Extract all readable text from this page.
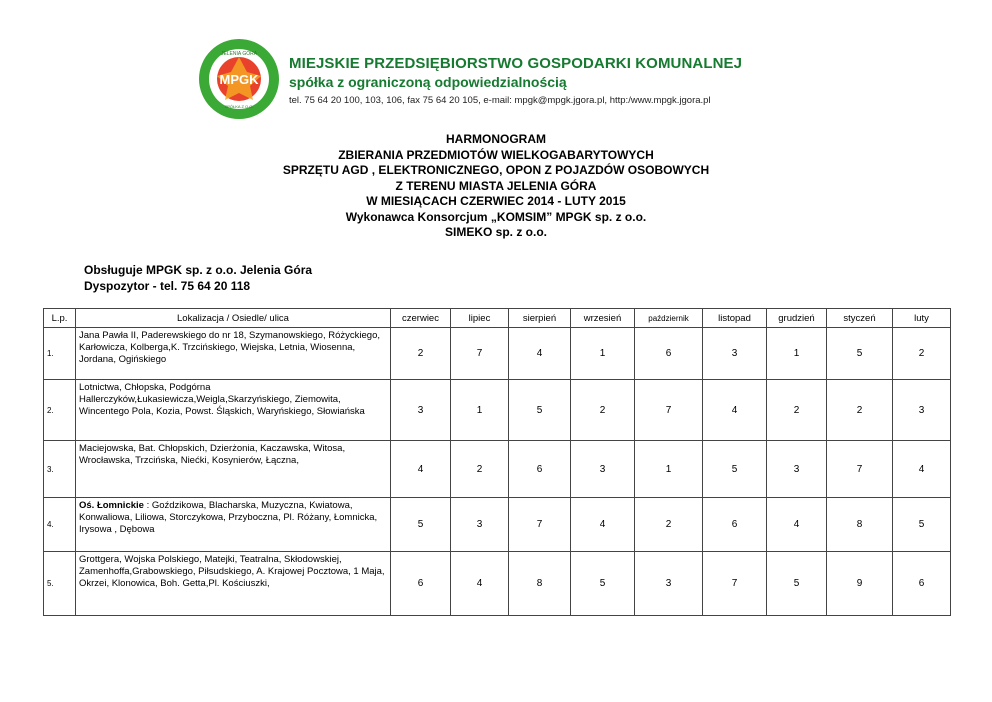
MPGK
JELENIA GÓRA
SPÓŁKA Z O.O.
MIEJSKIE PRZEDSIĘBIORSTWO GOSPODARKI KOMUNALNEJ
spółka z ograniczoną odpowiedzialnością
tel. 75 64 20 100, 103, 106, fax 75 64 20 105, e-mail: mpgk@mpgk.jgora.pl, http:/www.mpgk.jgora.pl
HARMONOGRAM
ZBIERANIA PRZEDMIOTÓW WIELKOGABARYTOWYCH
SPRZĘTU AGD , ELEKTRONICZNEGO, OPON Z POJAZDÓW OSOBOWYCH
Z TERENU MIASTA JELENIA GÓRA
W MIESIĄCACH CZERWIEC 2014 - LUTY 2015
Wykonawca Konsorcjum „KOMSIM” MPGK sp. z o.o.
SIMEKO sp. z o.o.
Obsługuje MPGK sp. z o.o. Jelenia Góra
Dyspozytor - tel. 75 64 20 118
L.p.	Lokalizacja / Osiedle/ ulica	czerwiec	lipiec	sierpień	wrzesień	październik	listopad	grudzień	styczeń	luty
1.	Jana Pawła II, Paderewskiego do nr 18, Szymanowskiego, Różyckiego, Karłowicza, Kolberga,K. Trzcińskiego, Wiejska, Letnia, Wiosenna, Jordana, Ogińskiego	2	7	4	1	6	3	1	5	2
2.	Lotnictwa, Chłopska, Podgórna Hallerczyków,Łukasiewicza,Weigla,Skarzyńskiego, Ziemowita, Wincentego Pola, Kozia, Powst. Śląskich, Waryńskiego, Słowiańska	3	1	5	2	7	4	2	2	3
3.	Maciejowska, Bat. Chłopskich, Dzierżonia, Kaczawska, Witosa, Wrocławska, Trzcińska, Niećki, Kosynierów, Łączna,	4	2	6	3	1	5	3	7	4
4.	Oś. Łomnickie : Goździkowa, Blacharska, Muzyczna, Kwiatowa, Konwaliowa, Liliowa, Storczykowa, Przyboczna, Pl. Różany, Łomnicka, Irysowa , Dębowa	5	3	7	4	2	6	4	8	5
5.	Grottgera, Wojska Polskiego, Matejki, Teatralna, Skłodowskiej, Zamenhoffa,Grabowskiego, Piłsudskiego, A. Krajowej Pocztowa, 1 Maja, Okrzei, Klonowica, Boh. Getta,Pl. Kościuszki,	6	4	8	5	3	7	5	9	6
